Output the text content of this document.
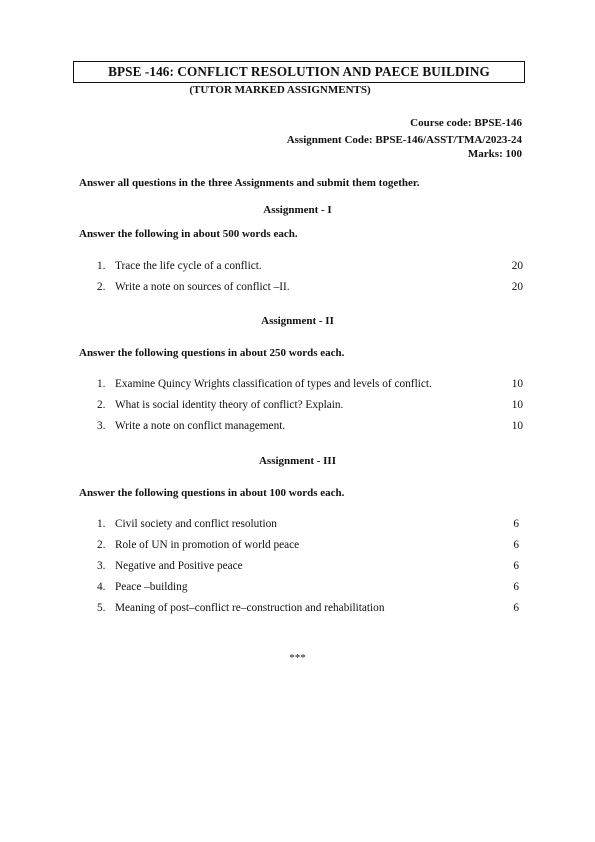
BPSE -146: CONFLICT RESOLUTION AND PAECE BUILDING
(TUTOR MARKED ASSIGNMENTS)
Course code: BPSE-146
Assignment Code: BPSE-146/ASST/TMA/2023-24
Marks: 100
Answer all questions in the three Assignments and submit them together.
Assignment - I
Answer the following in about 500 words each.
1. Trace the life cycle of a conflict.	20
2. Write a note on sources of conflict –II.	20
Assignment - II
Answer the following questions in about 250 words each.
1. Examine Quincy Wrights classification of types and levels of conflict.	10
2. What is social identity theory of conflict? Explain.	10
3. Write a note on conflict management.	10
Assignment - III
Answer the following questions in about 100 words each.
1. Civil society and conflict resolution	6
2. Role of UN in promotion of world peace	6
3. Negative and Positive peace	6
4. Peace –building	6
5. Meaning of post–conflict re–construction and rehabilitation	6
***
